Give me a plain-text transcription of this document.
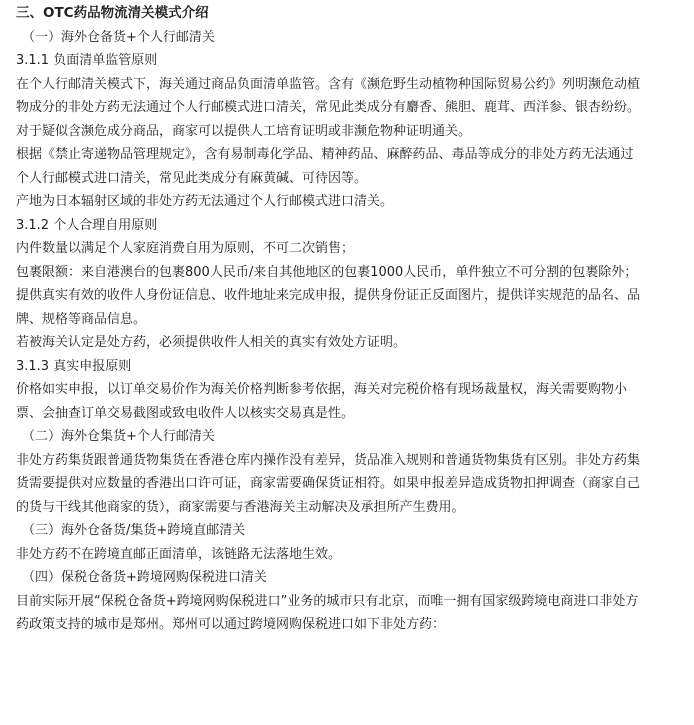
三、OTC药品物流清关模式介绍
（一）海外仓备货+个人行邮清关
3.1.1 负面清单监管原则
在个人行邮清关模式下，海关通过商品负面清单监管。含有《濒危野生动植物种国际贸易公约》列明濒危动植
物成分的非处方药无法通过个人行邮模式进口清关，常见此类成分有麝香、熊胆、鹿茸、西洋参、银杏纷纷。
对于疑似含濒危成分商品，商家可以提供人工培育证明或非濒危物种证明通关。
根据《禁止寄递物品管理规定》，含有易制毒化学品、精神药品、麻醉药品、毒品等成分的非处方药无法通过
个人行邮模式进口清关，常见此类成分有麻黄碱、可待因等。
产地为日本辐射区域的非处方药无法通过个人行邮模式进口清关。
3.1.2 个人合理自用原则
内件数量以满足个人家庭消费自用为原则，不可二次销售；
包裹限额：来自港澳台的包裹800人民币/来自其他地区的包裹1000人民币，单件独立不可分割的包裹除外；
提供真实有效的收件人身份证信息、收件地址来完成申报，提供身份证正反面图片，提供详实规范的品名、品
牌、规格等商品信息。
若被海关认定是处方药，必须提供收件人相关的真实有效处方证明。
3.1.3 真实申报原则
价格如实申报，以订单交易价作为海关价格判断参考依据，海关对完税价格有现场裁量权，海关需要购物小
票、会抽查订单交易截图或致电收件人以核实交易真是性。
（二）海外仓集货+个人行邮清关
非处方药集货跟普通货物集货在香港仓库内操作没有差异，货品准入规则和普通货物集货有区别。非处方药集
货需要提供对应数量的香港出口许可证，商家需要确保货证相符。如果申报差异造成货物扣押调查（商家自己
的货与干线其他商家的货），商家需要与香港海关主动解决及承担所产生费用。
（三）海外仓备货/集货+跨境直邮清关
非处方药不在跨境直邮正面清单，该链路无法落地生效。
（四）保税仓备货+跨境网购保税进口清关
目前实际开展“保税仓备货+跨境网购保税进口”业务的城市只有北京，而唯一拥有国家级跨境电商进口非处方
药政策支持的城市是郑州。郑州可以通过跨境网购保税进口如下非处方药：
